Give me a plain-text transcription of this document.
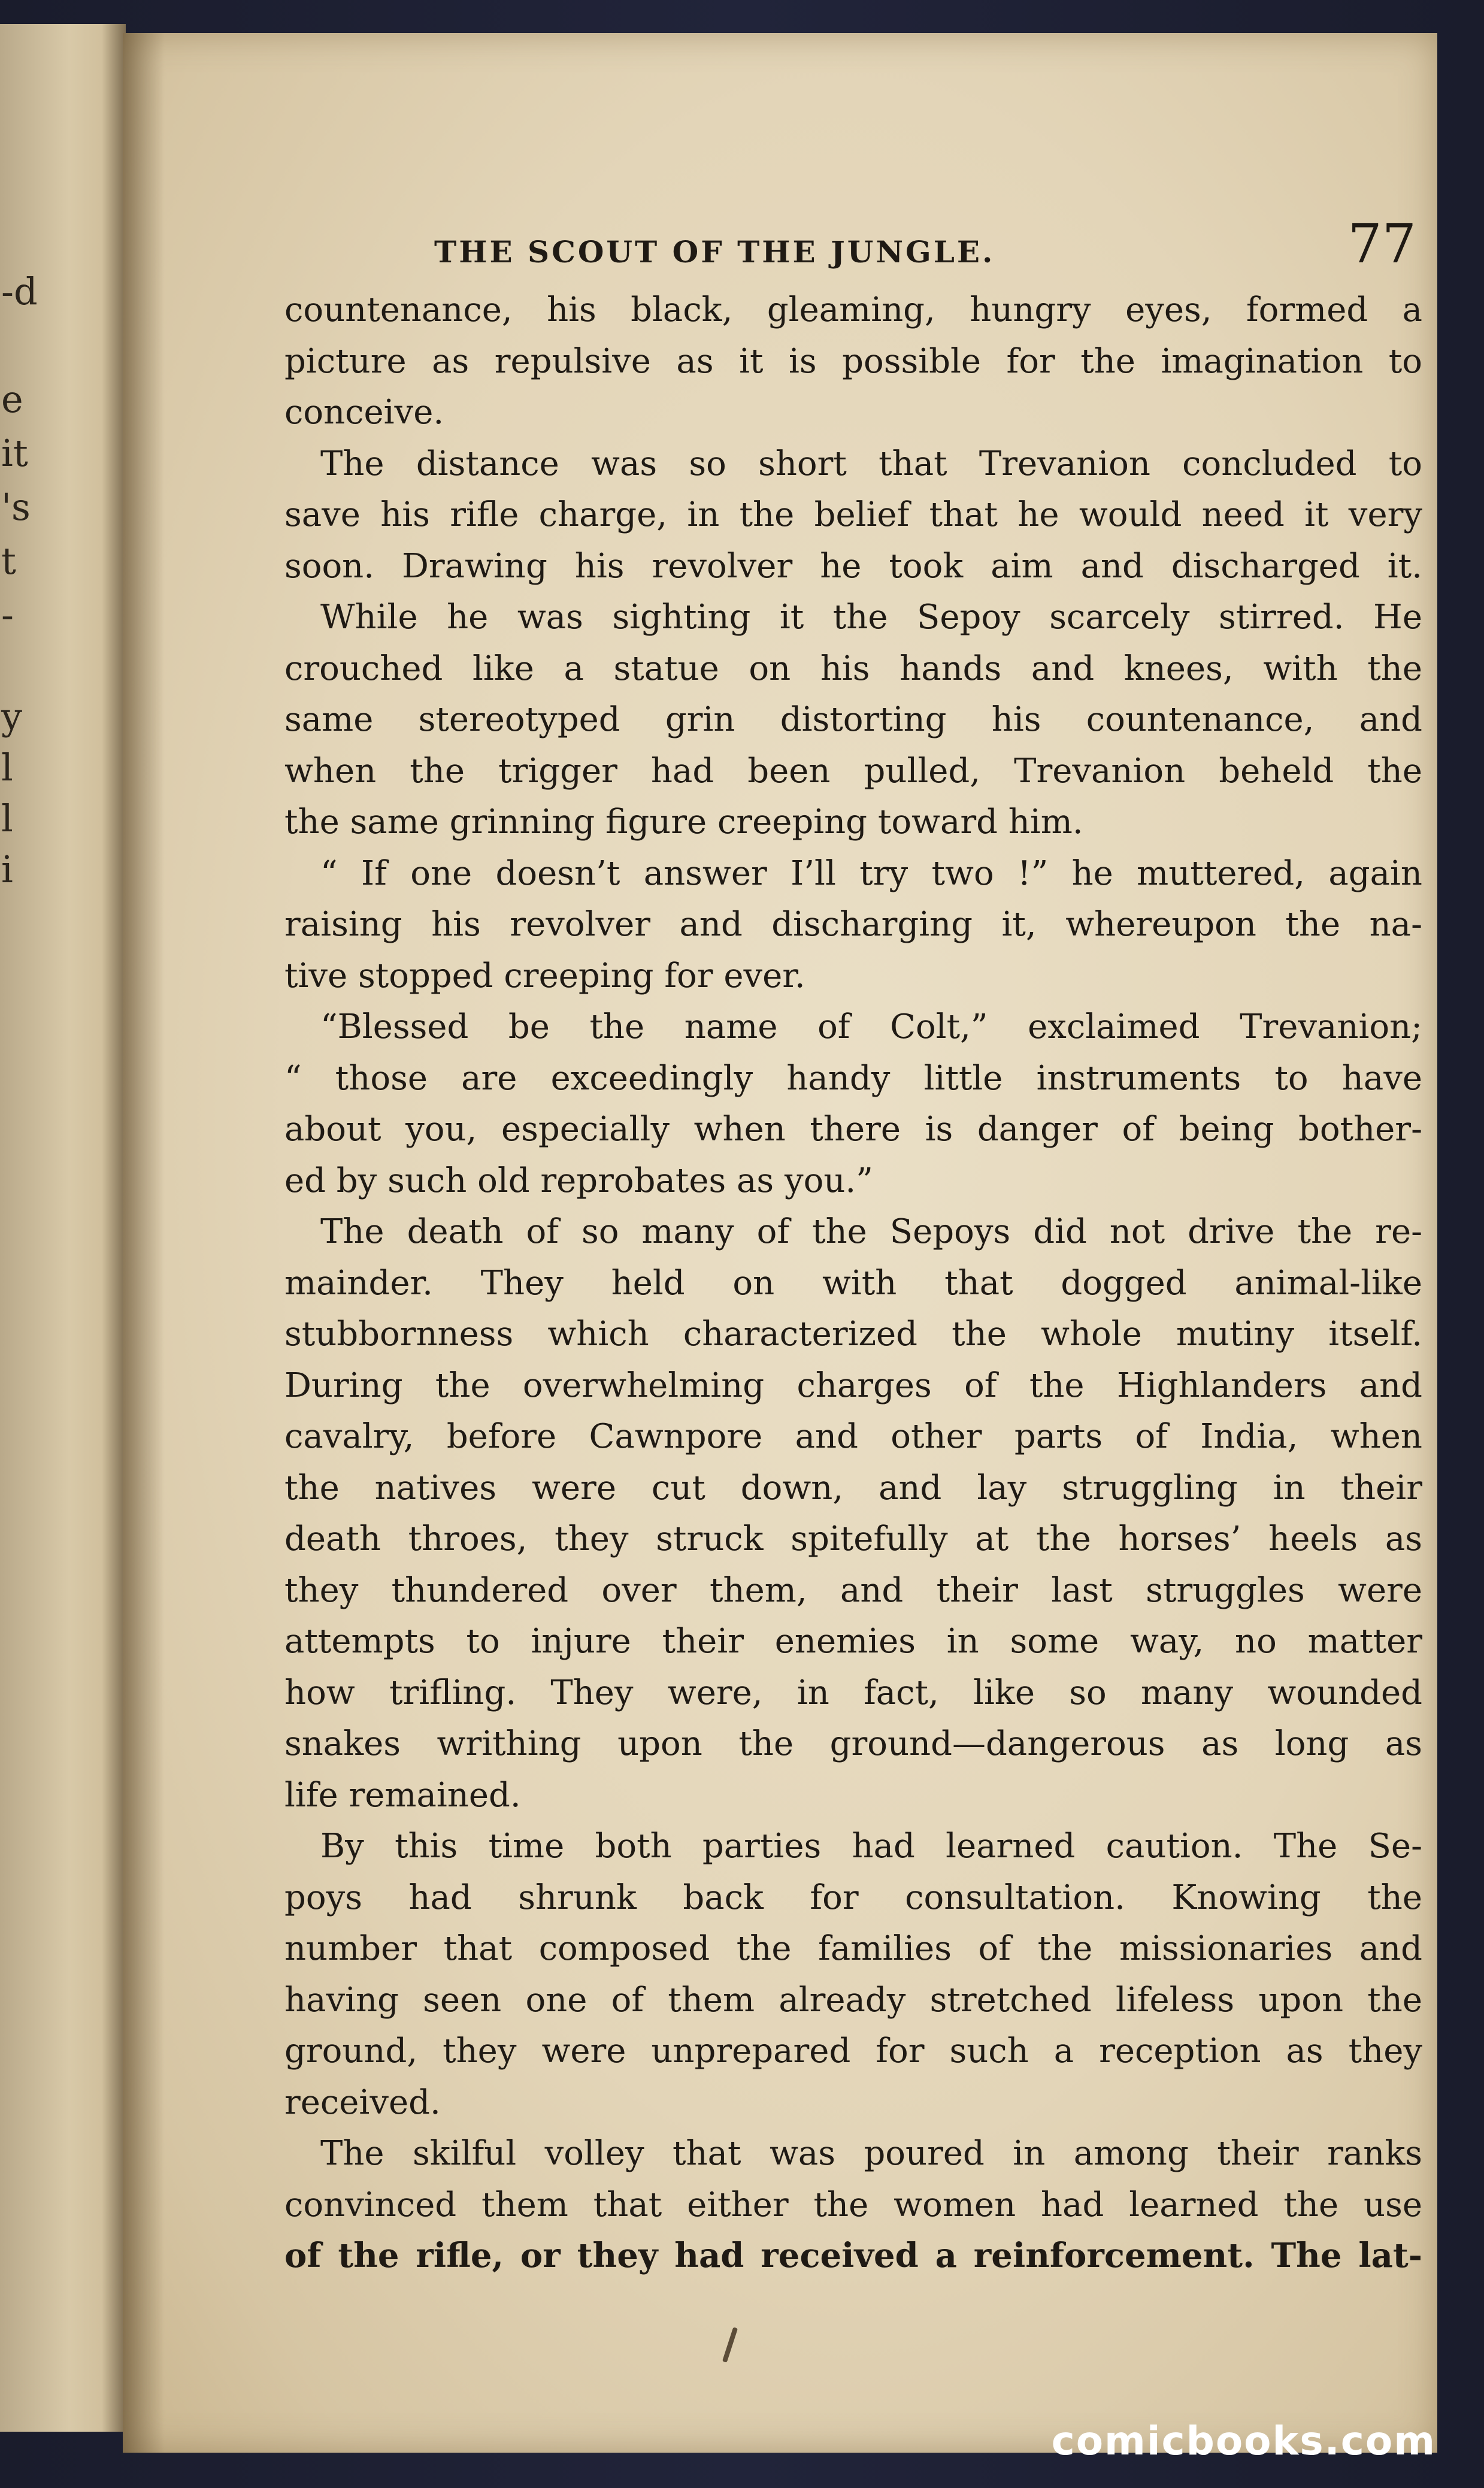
-d
e
it
's
t
-
y
l
l
i
THE SCOUT OF THE JUNGLE.	77
countenance, his black, gleaming, hungry eyes, formed a
picture as repulsive as it is possible for the imagination to
conceive.
The distance was so short that Trevanion concluded to
save his rifle charge, in the belief that he would need it very
soon. Drawing his revolver he took aim and discharged it.
While he was sighting it the Sepoy scarcely stirred. He
crouched like a statue on his hands and knees, with the
same stereotyped grin distorting his countenance, and
when the trigger had been pulled, Trevanion beheld the
the same grinning figure creeping toward him.
“ If one doesn’t answer I’ll try two !” he muttered, again
raising his revolver and discharging it, whereupon the na-
tive stopped creeping for ever.
“Blessed be the name of Colt,” exclaimed Trevanion;
“ those are exceedingly handy little instruments to have
about you, especially when there is danger of being bother-
ed by such old reprobates as you.”
The death of so many of the Sepoys did not drive the re-
mainder. They held on with that dogged animal-like
stubbornness which characterized the whole mutiny itself.
During the overwhelming charges of the Highlanders and
cavalry, before Cawnpore and other parts of India, when
the natives were cut down, and lay struggling in their
death throes, they struck spitefully at the horses’ heels as
they thundered over them, and their last struggles were
attempts to injure their enemies in some way, no matter
how trifling. They were, in fact, like so many wounded
snakes writhing upon the ground—dangerous as long as
life remained.
By this time both parties had learned caution. The Se-
poys had shrunk back for consultation. Knowing the
number that composed the families of the missionaries and
having seen one of them already stretched lifeless upon the
ground, they were unprepared for such a reception as they
received.
The skilful volley that was poured in among their ranks
convinced them that either the women had learned the use
of the rifle, or they had received a reinforcement. The lat-
comicbooks.com
